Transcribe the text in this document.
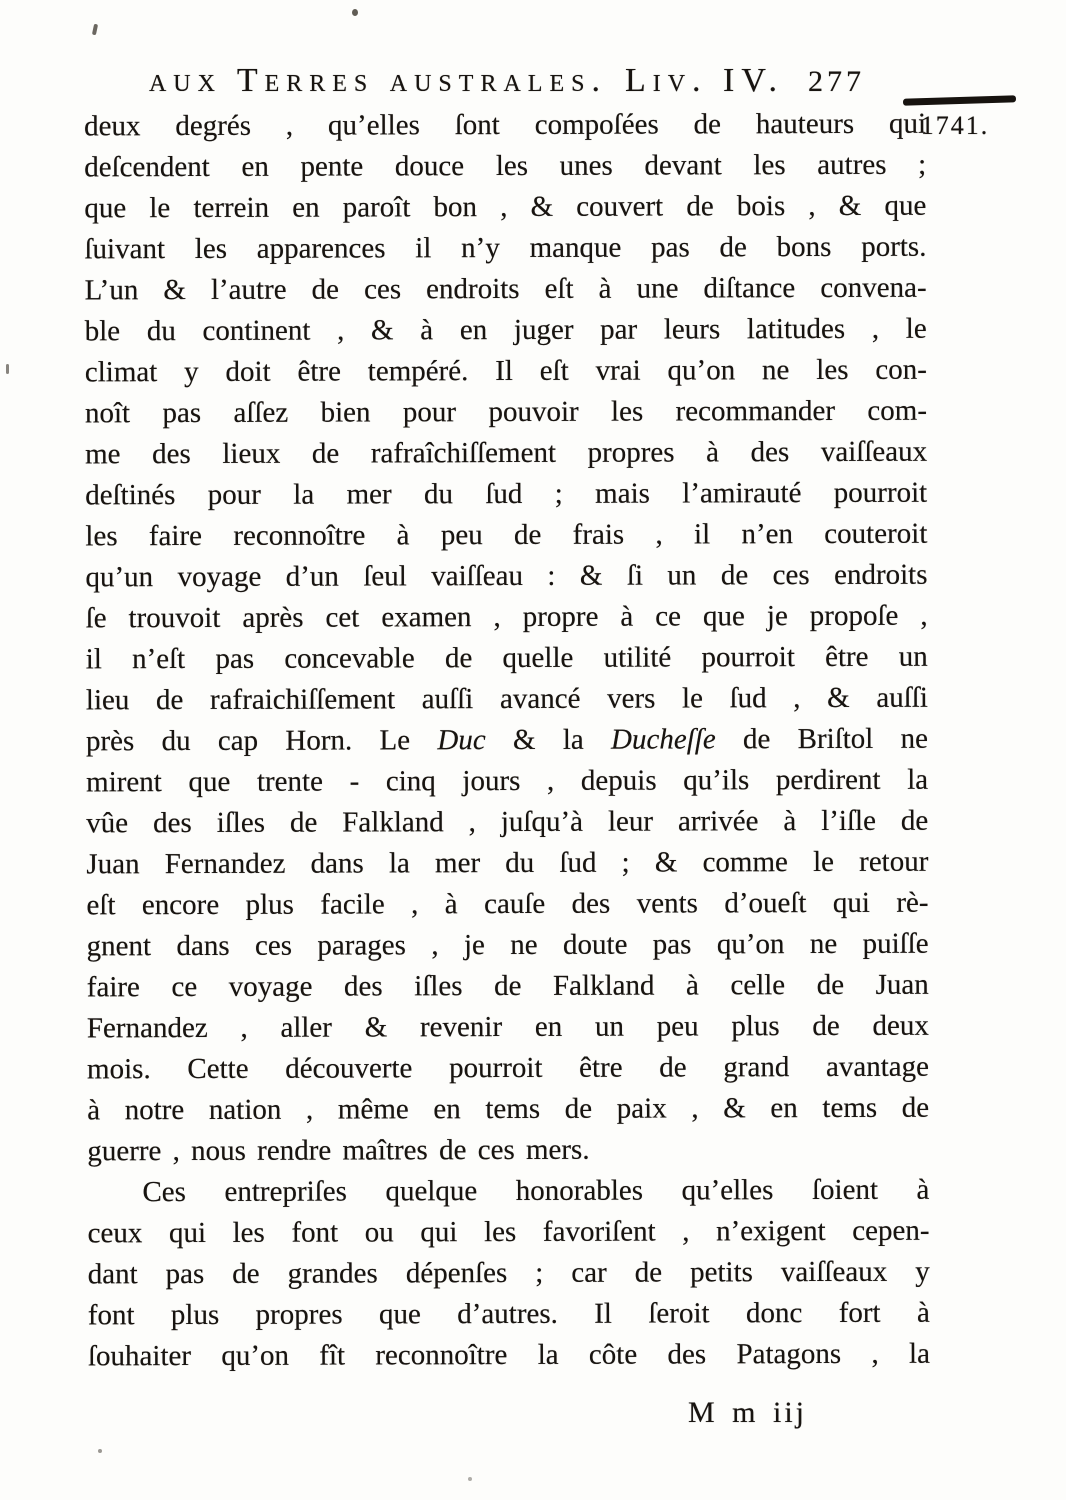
aux Terres australes. Liv. IV. 277
1741.
deux degrés , qu’elles ſont compoſées de hauteurs qui
deſcendent en pente douce les unes devant les autres ;
que le terrein en paroît bon , & couvert de bois , & que
ſuivant les apparences il n’y manque pas de bons ports.
L’un & l’autre de ces endroits eſt à une diſtance convena-
ble du continent , & à en juger par leurs latitudes , le
climat y doit être tempéré. Il eſt vrai qu’on ne les con-
noît pas aſſez bien pour pouvoir les recommander com-
me des lieux de rafraîchiſſement propres à des vaiſſeaux
deſtinés pour la mer du ſud ; mais l’amirauté pourroit
les faire reconnoître à peu de frais , il n’en couteroit
qu’un voyage d’un ſeul vaiſſeau : & ſi un de ces endroits
ſe trouvoit après cet examen , propre à ce que je propoſe ,
il n’eſt pas concevable de quelle utilité pourroit être un
lieu de rafraichiſſement auſſi avancé vers le ſud , & auſſi
près du cap Horn. Le Duc & la Ducheſſe de Briſtol ne
mirent que trente - cinq jours , depuis qu’ils perdirent la
vûe des iſles de Falkland , juſqu’à leur arrivée à l’iſle de
Juan Fernandez dans la mer du ſud ; & comme le retour
eſt encore plus facile , à cauſe des vents d’oueſt qui rè-
gnent dans ces parages , je ne doute pas qu’on ne puiſſe
faire ce voyage des iſles de Falkland à celle de Juan
Fernandez , aller & revenir en un peu plus de deux
mois. Cette découverte pourroit être de grand avantage
à notre nation , même en tems de paix , & en tems de
guerre , nous rendre maîtres de ces mers.
Ces entrepriſes quelque honorables qu’elles ſoient à
ceux qui les font ou qui les favoriſent , n’exigent cepen-
dant pas de grandes dépenſes ; car de petits vaiſſeaux y
font plus propres que d’autres. Il ſeroit donc fort à
ſouhaiter qu’on fît reconnoître la côte des Patagons , la
M m iij
